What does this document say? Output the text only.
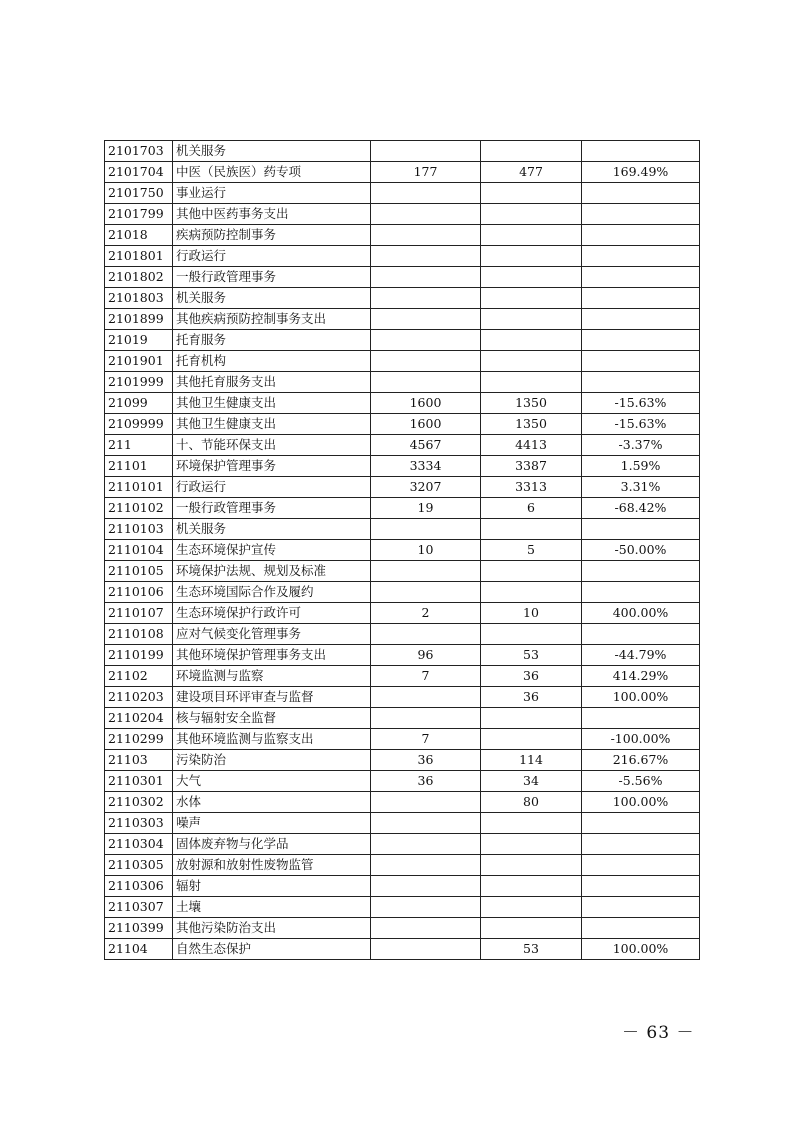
2101703	机关服务			
2101704	中医（民族医）药专项	177	477	169.49%
2101750	事业运行			
2101799	其他中医药事务支出			
21018	疾病预防控制事务			
2101801	行政运行			
2101802	一般行政管理事务			
2101803	机关服务			
2101899	其他疾病预防控制事务支出			
21019	托育服务			
2101901	托育机构			
2101999	其他托育服务支出			
21099	其他卫生健康支出	1600	1350	-15.63%
2109999	其他卫生健康支出	1600	1350	-15.63%
211	十、节能环保支出	4567	4413	-3.37%
21101	环境保护管理事务	3334	3387	1.59%
2110101	行政运行	3207	3313	3.31%
2110102	一般行政管理事务	19	6	-68.42%
2110103	机关服务			
2110104	生态环境保护宣传	10	5	-50.00%
2110105	环境保护法规、规划及标准			
2110106	生态环境国际合作及履约			
2110107	生态环境保护行政许可	2	10	400.00%
2110108	应对气候变化管理事务			
2110199	其他环境保护管理事务支出	96	53	-44.79%
21102	环境监测与监察	7	36	414.29%
2110203	建设项目环评审查与监督		36	100.00%
2110204	核与辐射安全监督			
2110299	其他环境监测与监察支出	7		-100.00%
21103	污染防治	36	114	216.67%
2110301	大气	36	34	-5.56%
2110302	水体		80	100.00%
2110303	噪声			
2110304	固体废弃物与化学品			
2110305	放射源和放射性废物监管			
2110306	辐射			
2110307	土壤			
2110399	其他污染防治支出			
21104	自然生态保护		53	100.00%
－ 63 －
